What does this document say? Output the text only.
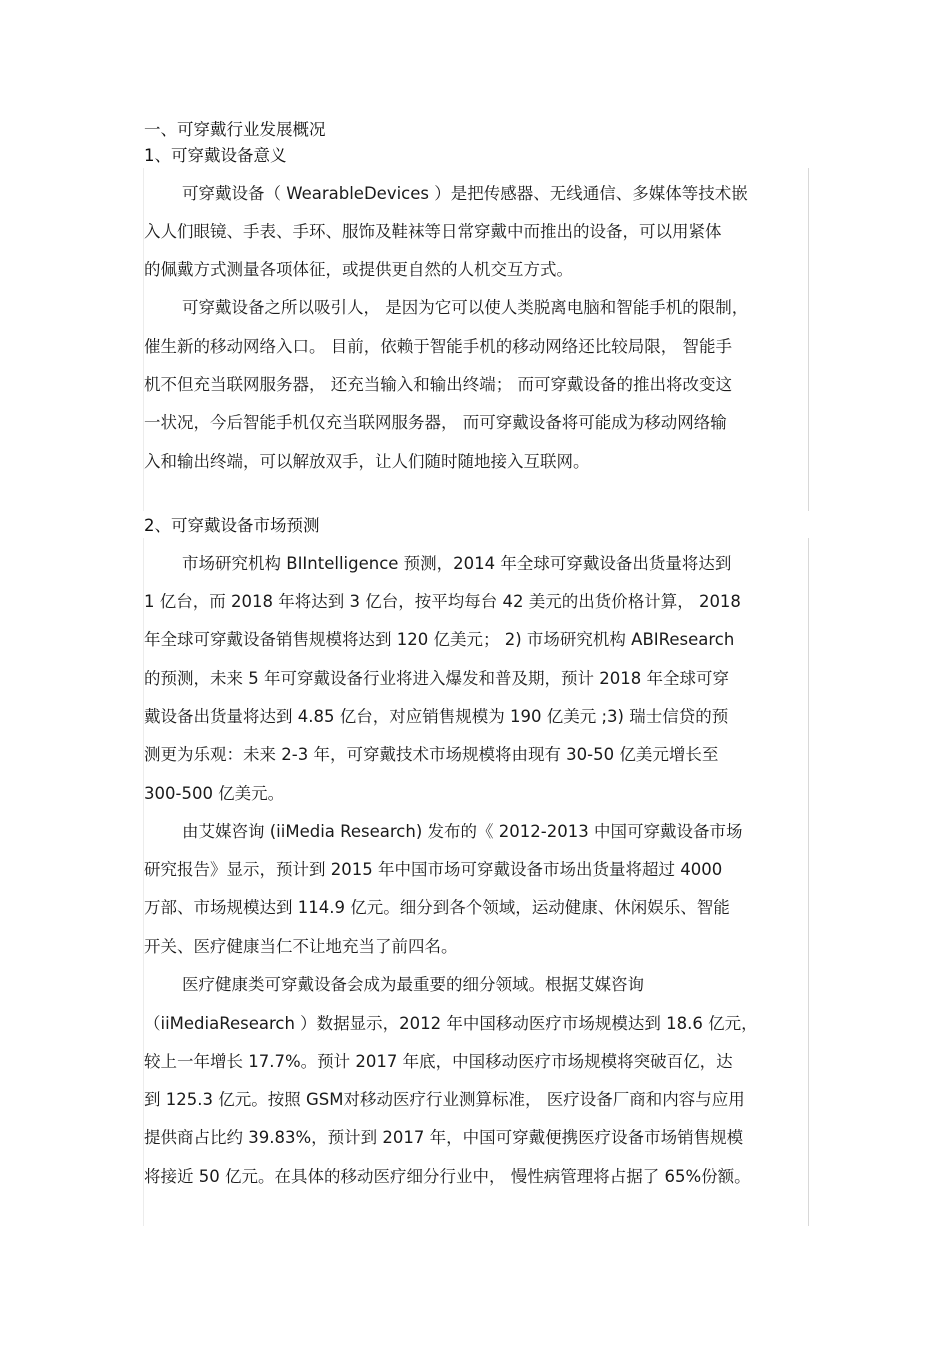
一、可穿戴行业发展概况
1、可穿戴设备意义
可穿戴设备（ WearableDevices ）是把传感器、无线通信、多媒体等技术嵌
入人们眼镜、手表、手环、服饰及鞋袜等日常穿戴中而推出的设备，可以用紧体
的佩戴方式测量各项体征，或提供更自然的人机交互方式。
可穿戴设备之所以吸引人， 是因为它可以使人类脱离电脑和智能手机的限制，
催生新的移动网络入口。 目前，依赖于智能手机的移动网络还比较局限， 智能手
机不但充当联网服务器， 还充当输入和输出终端； 而可穿戴设备的推出将改变这
一状况，今后智能手机仅充当联网服务器， 而可穿戴设备将可能成为移动网络输
入和输出终端，可以解放双手，让人们随时随地接入互联网。
2、可穿戴设备市场预测
市场研究机构 BIIntelligence 预测，2014 年全球可穿戴设备出货量将达到
1 亿台，而 2018 年将达到 3 亿台，按平均每台 42 美元的出货价格计算， 2018
年全球可穿戴设备销售规模将达到 120 亿美元； 2) 市场研究机构 ABIResearch
的预测，未来 5 年可穿戴设备行业将进入爆发和普及期，预计 2018 年全球可穿
戴设备出货量将达到 4.85 亿台，对应销售规模为 190 亿美元 ;3) 瑞士信贷的预
测更为乐观：未来 2-3 年，可穿戴技术市场规模将由现有 30-50 亿美元增长至
300-500 亿美元。
由艾媒咨询 (iiMedia Research) 发布的《 2012-2013 中国可穿戴设备市场
研究报告》显示，预计到 2015 年中国市场可穿戴设备市场出货量将超过 4000
万部、市场规模达到 114.9 亿元。细分到各个领域，运动健康、休闲娱乐、智能
开关、医疗健康当仁不让地充当了前四名。
医疗健康类可穿戴设备会成为最重要的细分领域。根据艾媒咨询
（iiMediaResearch ）数据显示，2012 年中国移动医疗市场规模达到 18.6 亿元，
较上一年增长 17.7%。预计 2017 年底，中国移动医疗市场规模将突破百亿，达
到 125.3 亿元。按照 GSM对移动医疗行业测算标准， 医疗设备厂商和内容与应用
提供商占比约 39.83%，预计到 2017 年，中国可穿戴便携医疗设备市场销售规模
将接近 50 亿元。在具体的移动医疗细分行业中， 慢性病管理将占据了 65%份额。
